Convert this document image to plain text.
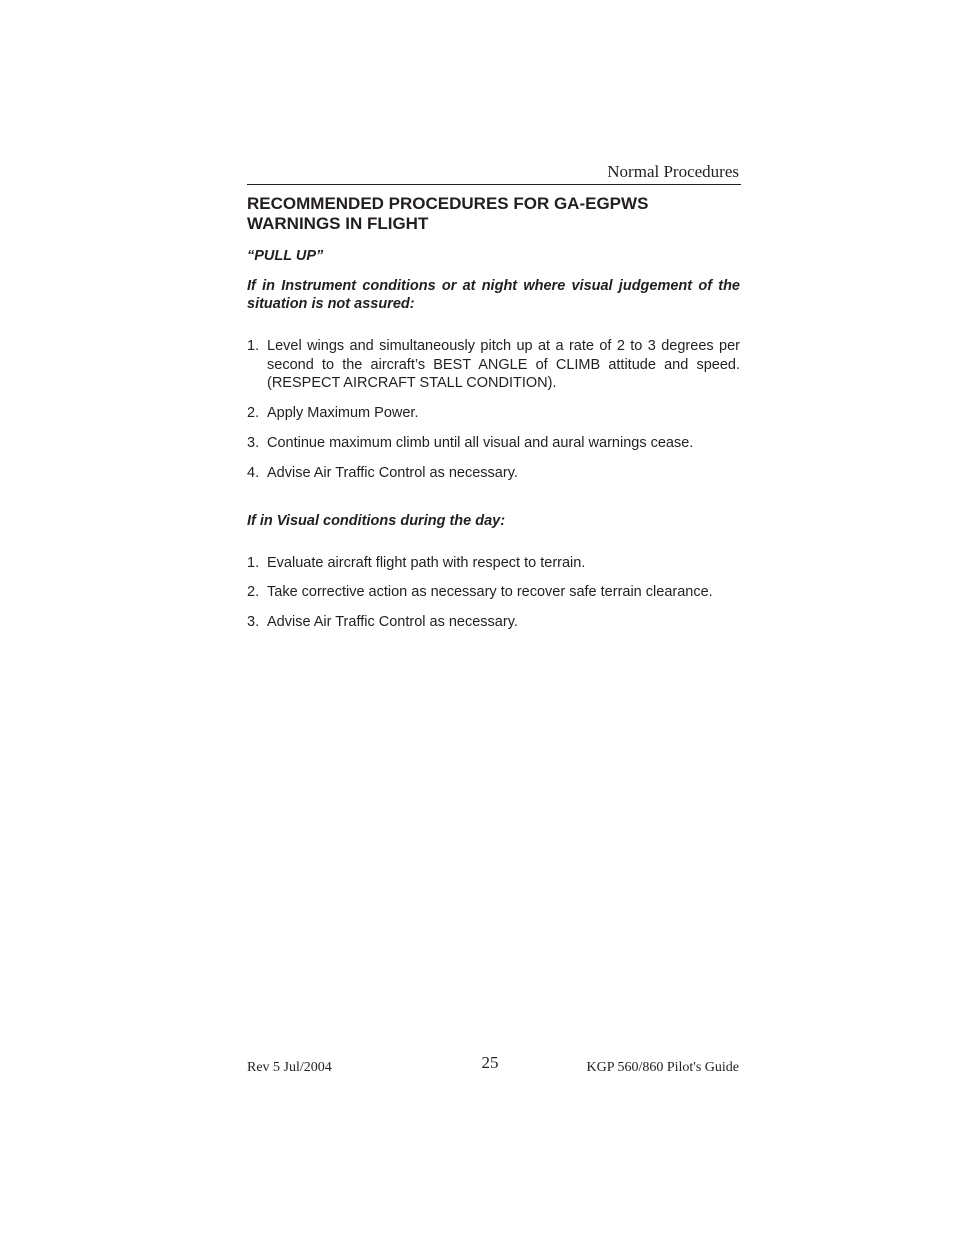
Normal Procedures
RECOMMENDED PROCEDURES FOR GA-EGPWS
WARNINGS IN FLIGHT

“PULL UP”

If in Instrument conditions or at night where visual judgement of the situation is not assured:

1. Level wings and simultaneously pitch up at a rate of 2 to 3 degrees per second to the aircraft’s BEST ANGLE of CLIMB attitude and speed. (RESPECT AIRCRAFT STALL CONDITION).
2. Apply Maximum Power.
3. Continue maximum climb until all visual and aural warnings cease.
4. Advise Air Traffic Control as necessary.

If in Visual conditions during the day:

1. Evaluate aircraft flight path with respect to terrain.
2. Take corrective action as necessary to recover safe terrain clearance.
3. Advise Air Traffic Control as necessary.
Rev 5 Jul/2004	25	KGP 560/860 Pilot's Guide
